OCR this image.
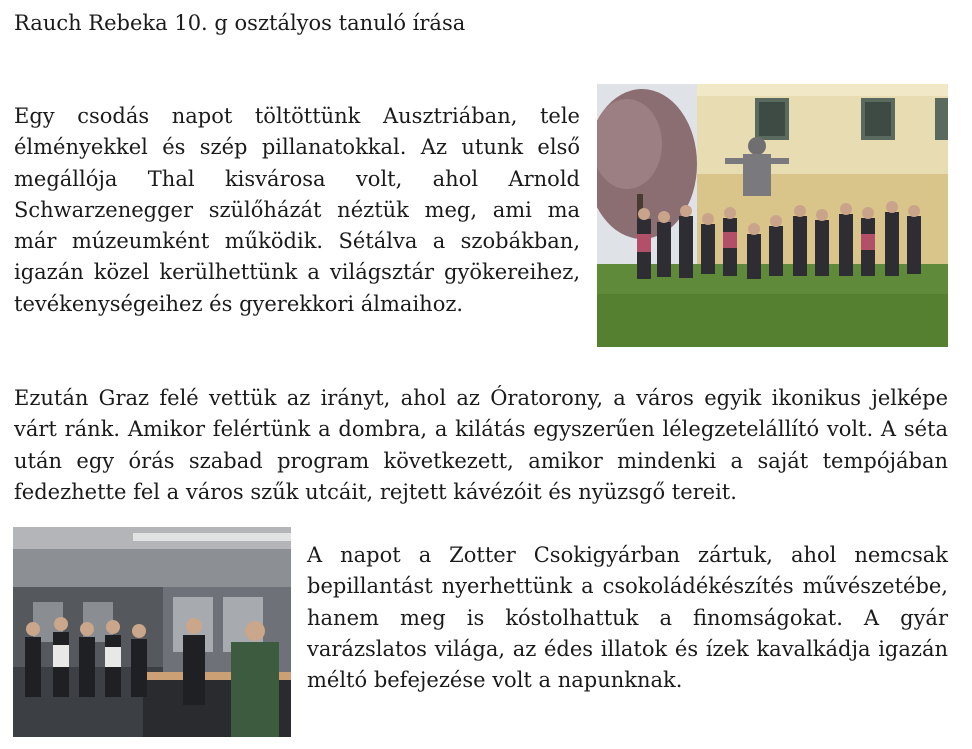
Rauch Rebeka 10. g osztályos tanuló írása

Egy csodás napot töltöttünk Ausztriában, tele élményekkel és szép pillanatokkal. Az utunk első megállója Thal kisvárosa volt, ahol Arnold Schwarzenegger szülőházát néztük meg, ami ma már múzeumként működik. Sétálva a szobákban, igazán közel kerülhettünk a világsztár gyökereihez, tevékenységeihez és gyerekkori álmaihoz.

Ezután Graz felé vettük az irányt, ahol az Óratorony, a város egyik ikonikus jelképe várt ránk. Amikor felértünk a dombra, a kilátás egyszerűen lélegzetelállító volt. A séta után egy órás szabad program következett, amikor mindenki a saját tempójában fedezhette fel a város szűk utcáit, rejtett kávézóit és nyüzsgő tereit.

A napot a Zotter Csokigyárban zártuk, ahol nemcsak bepillantást nyerhettünk a csokoládékészítés művészetébe, hanem meg is kóstolhattuk a finomságokat. A gyár varázslatos világa, az édes illatok és ízek kavalkádja igazán méltó befejezése volt a napunknak.
